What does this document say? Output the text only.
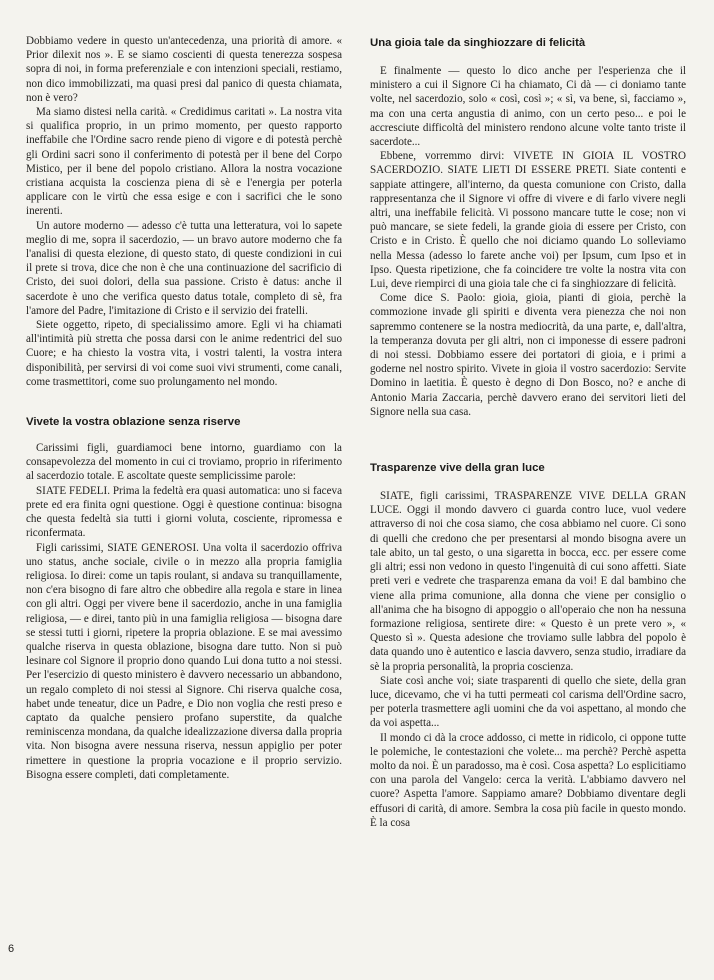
Dobbiamo vedere in questo un'antecedenza, una priorità di amore. « Prior dilexit nos ». E se siamo coscienti di questa tenerezza sospesa sopra di noi, in forma preferenziale e con intenzioni speciali, restiamo, non dico immobilizzati, ma quasi presi dal panico di questa chiamata, non è vero?

Ma siamo distesi nella carità. « Credidimus caritati ». La nostra vita si qualifica proprio, in un primo momento, per questo rapporto ineffabile che l'Ordine sacro rende pieno di vigore e di potestà perchè gli Ordini sacri sono il conferimento di potestà per il bene del Corpo Mistico, per il bene del popolo cristiano. Allora la nostra vocazione cristiana acquista la coscienza piena di sè e l'energia per poterla applicare con le virtù che essa esige e con i sacrifici che le sono inerenti.

Un autore moderno — adesso c'è tutta una letteratura, voi lo sapete meglio di me, sopra il sacerdozio, — un bravo autore moderno che fa l'analisi di questa elezione, di questo stato, di queste condizioni in cui il prete si trova, dice che non è che una continuazione del sacrificio di Cristo, dei suoi dolori, della sua passione. Cristo è datus: anche il sacerdote è uno che verifica questo datus totale, completo di sè, fra l'amore del Padre, l'imitazione di Cristo e il servizio dei fratelli.

Siete oggetto, ripeto, di specialissimo amore. Egli vi ha chiamati all'intimità più stretta che possa darsi con le anime redentrici del suo Cuore; e ha chiesto la vostra vita, i vostri talenti, la vostra intera disponibilità, per servirsi di voi come suoi vivi strumenti, come canali, come trasmettitori, come suo prolungamento nel mondo.

Vivete la vostra oblazione senza riserve

Carissimi figli, guardiamoci bene intorno, guardiamo con la consapevolezza del momento in cui ci troviamo, proprio in riferimento al sacerdozio totale. E ascoltate queste semplicissime parole:

SIATE FEDELI. Prima la fedeltà era quasi automatica: uno si faceva prete ed era finita ogni questione. Oggi è questione continua: bisogna che questa fedeltà sia tutti i giorni voluta, cosciente, ripromessa e riconfermata.

Figli carissimi, SIATE GENEROSI. Una volta il sacerdozio offriva uno status, anche sociale, civile o in mezzo alla propria famiglia religiosa. Io direi: come un tapis roulant, si andava su tranquillamente, non c'era bisogno di fare altro che obbedire alla regola e stare in linea con gli altri. Oggi per vivere bene il sacerdozio, anche in una famiglia religiosa, — e direi, tanto più in una famiglia religiosa — bisogna dare se stessi tutti i giorni, ripetere la propria oblazione. E se mai avessimo qualche riserva in questa oblazione, bisogna dare tutto. Non si può lesinare col Signore il proprio dono quando Lui dona tutto a noi stessi. Per l'esercizio di questo ministero è davvero necessario un abbandono, un regalo completo di noi stessi al Signore. Chi riserva qualche cosa, habet unde teneatur, dice un Padre, e Dio non voglia che resti preso e captato da qualche pensiero profano superstite, da qualche reminiscenza mondana, da qualche idealizzazione diversa dalla propria vita. Non bisogna avere nessuna riserva, nessun appiglio per poter rimettere in questione la propria vocazione e il proprio servizio. Bisogna essere completi, dati completamente.

Una gioia tale da singhiozzare di felicità

E finalmente — questo lo dico anche per l'esperienza che il ministero a cui il Signore Ci ha chiamato, Ci dà — ci doniamo tante volte, nel sacerdozio, solo « così, così »; « sì, va bene, sì, facciamo », ma con una certa angustia di animo, con un certo peso... e poi le accresciute difficoltà del ministero rendono alcune volte tanto triste il sacerdote...

Ebbene, vorremmo dirvi: VIVETE IN GIOIA IL VOSTRO SACERDOZIO. SIATE LIETI DI ESSERE PRETI. Siate contenti e sappiate attingere, all'interno, da questa comunione con Cristo, dalla rappresentanza che il Signore vi offre di vivere e di farlo vivere negli altri, una ineffabile felicità. Vi possono mancare tutte le cose; non vi può mancare, se siete fedeli, la grande gioia di essere per Cristo, con Cristo e in Cristo. È quello che noi diciamo quando Lo solleviamo nella Messa (adesso lo farete anche voi) per Ipsum, cum Ipso et in Ipso. Questa ripetizione, che fa coincidere tre volte la nostra vita con Lui, deve riempirci di una gioia tale che ci fa singhiozzare di felicità.

Come dice S. Paolo: gioia, gioia, pianti di gioia, perchè la commozione invade gli spiriti e diventa vera pienezza che noi non sapremmo contenere se la nostra mediocrità, da una parte, e, dall'altra, la temperanza dovuta per gli altri, non ci imponesse di essere padroni di noi stessi. Dobbiamo essere dei portatori di gioia, e i primi a goderne nel nostro spirito. Vivete in gioia il vostro sacerdozio: Servite Domino in laetitia. È questo è degno di Don Bosco, no? e anche di Antonio Maria Zaccaria, perchè davvero erano dei servitori lieti del Signore nella sua casa.

Trasparenze vive della gran luce

SIATE, figli carissimi, TRASPARENZE VIVE DELLA GRAN LUCE. Oggi il mondo davvero ci guarda contro luce, vuol vedere attraverso di noi che cosa siamo, che cosa abbiamo nel cuore. Ci sono di quelli che credono che per presentarsi al mondo bisogna avere un tale abito, un tal gesto, o una sigaretta in bocca, ecc. per essere come gli altri; essi non vedono in questo l'ingenuità di cui sono affetti. Siate preti veri e vedrete che trasparenza emana da voi! E dal bambino che viene alla prima comunione, alla donna che viene per consiglio o all'anima che ha bisogno di appoggio o all'operaio che non ha nessuna formazione religiosa, sentirete dire: « Questo è un prete vero », « Questo sì ». Questa adesione che troviamo sulle labbra del popolo è data quando uno è autentico e lascia davvero, senza studio, irradiare da sè la propria personalità, la propria coscienza.

Siate così anche voi; siate trasparenti di quello che siete, della gran luce, dicevamo, che vi ha tutti permeati col carisma dell'Ordine sacro, per poterla trasmettere agli uomini che da voi aspettano, al mondo che da voi aspetta...

Il mondo ci dà la croce addosso, ci mette in ridicolo, ci oppone tutte le polemiche, le contestazioni che volete... ma perchè? Perchè aspetta molto da noi. È un paradosso, ma è così. Cosa aspetta? Lo esplicitiamo con una parola del Vangelo: cerca la verità. L'abbiamo davvero nel cuore? Aspetta l'amore. Sappiamo amare? Dobbiamo diventare degli effusori di carità, di amore. Sembra la cosa più facile in questo mondo. È la cosa

6
